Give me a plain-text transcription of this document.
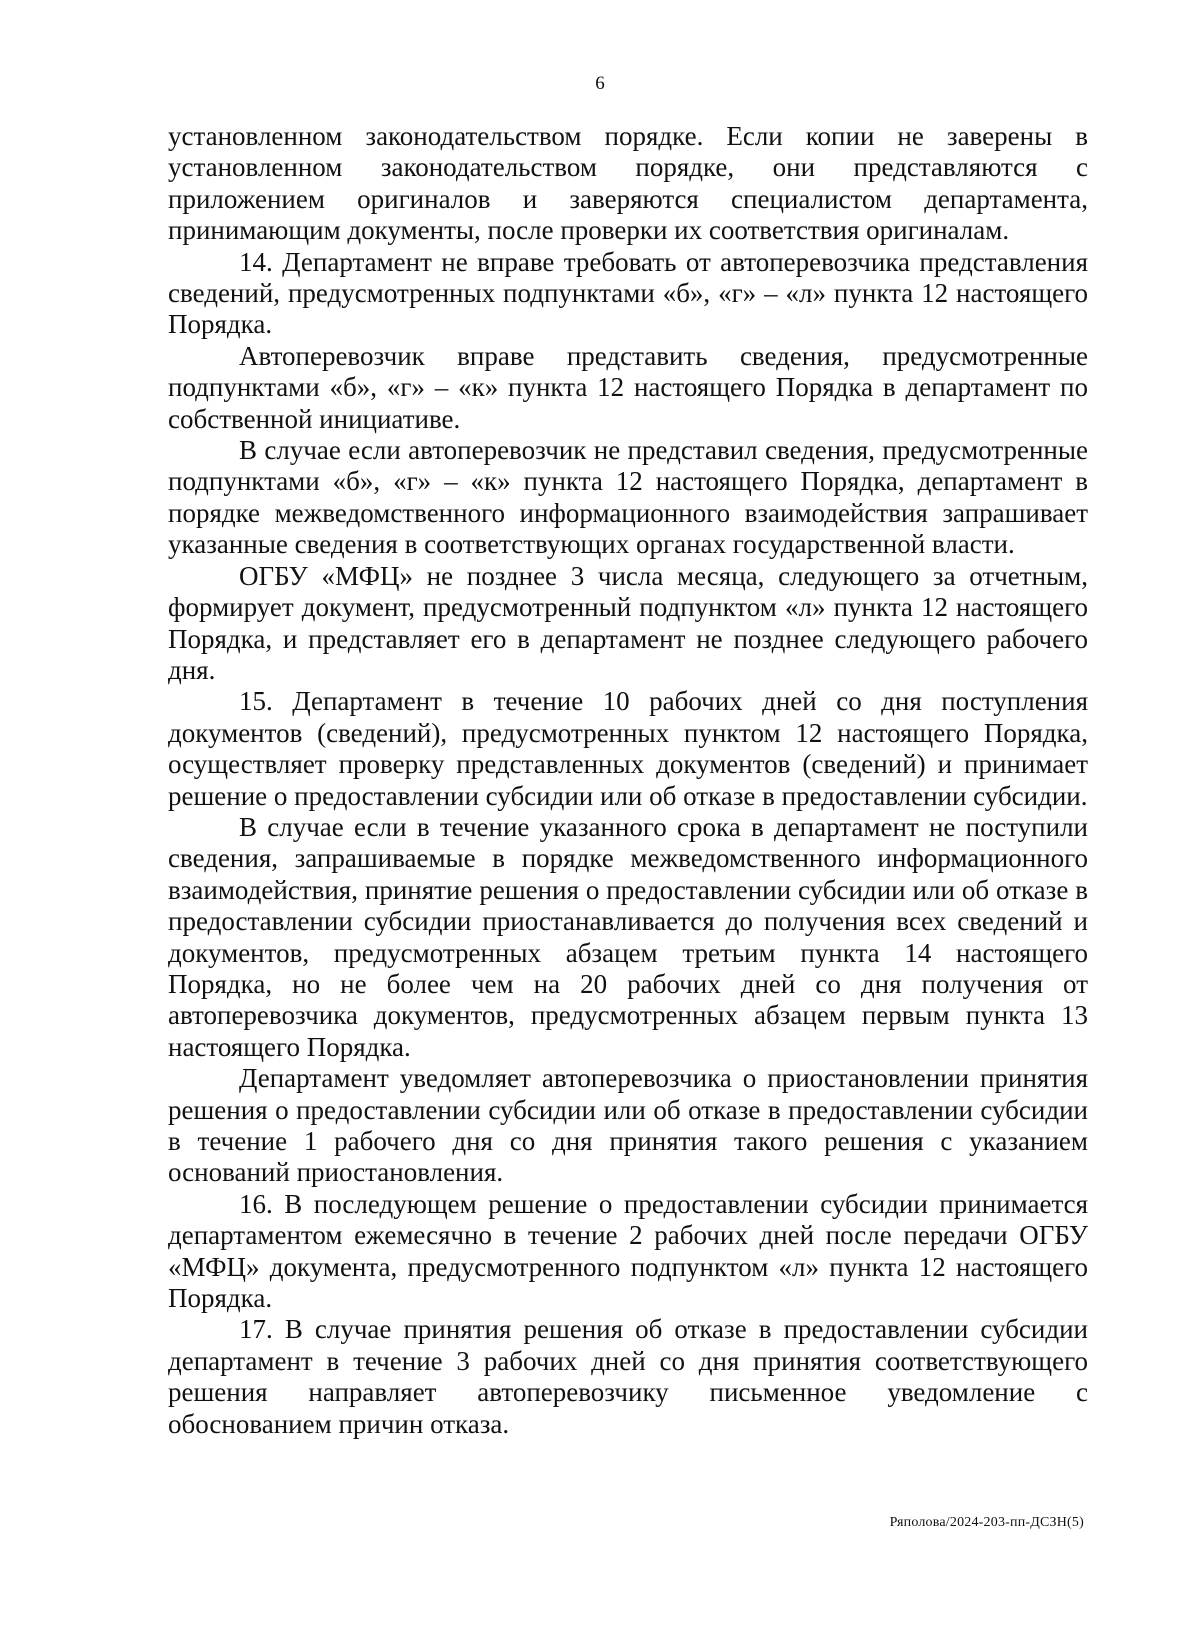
6

установленном законодательством порядке. Если копии не заверены в установленном законодательством порядке, они представляются с приложением оригиналов и заверяются специалистом департамента, принимающим документы, после проверки их соответствия оригиналам.

14. Департамент не вправе требовать от автоперевозчика представления сведений, предусмотренных подпунктами «б», «г» – «л» пункта 12 настоящего Порядка.

Автоперевозчик вправе представить сведения, предусмотренные подпунктами «б», «г» – «к» пункта 12 настоящего Порядка в департамент по собственной инициативе.

В случае если автоперевозчик не представил сведения, предусмотренные подпунктами «б», «г» – «к» пункта 12 настоящего Порядка, департамент в порядке межведомственного информационного взаимодействия запрашивает указанные сведения в соответствующих органах государственной власти.

ОГБУ «МФЦ» не позднее 3 числа месяца, следующего за отчетным, формирует документ, предусмотренный подпунктом «л» пункта 12 настоящего Порядка, и представляет его в департамент не позднее следующего рабочего дня.

15. Департамент в течение 10 рабочих дней со дня поступления документов (сведений), предусмотренных пунктом 12 настоящего Порядка, осуществляет проверку представленных документов (сведений) и принимает решение о предоставлении субсидии или об отказе в предоставлении субсидии.

В случае если в течение указанного срока в департамент не поступили сведения, запрашиваемые в порядке межведомственного информационного взаимодействия, принятие решения о предоставлении субсидии или об отказе в предоставлении субсидии приостанавливается до получения всех сведений и документов, предусмотренных абзацем третьим пункта 14 настоящего Порядка, но не более чем на 20 рабочих дней со дня получения от автоперевозчика документов, предусмотренных абзацем первым пункта 13 настоящего Порядка.

Департамент уведомляет автоперевозчика о приостановлении принятия решения о предоставлении субсидии или об отказе в предоставлении субсидии в течение 1 рабочего дня со дня принятия такого решения с указанием оснований приостановления.

16. В последующем решение о предоставлении субсидии принимается департаментом ежемесячно в течение 2 рабочих дней после передачи ОГБУ «МФЦ» документа, предусмотренного подпунктом «л» пункта 12 настоящего Порядка.

17. В случае принятия решения об отказе в предоставлении субсидии департамент в течение 3 рабочих дней со дня принятия соответствующего решения направляет автоперевозчику письменное уведомление с обоснованием причин отказа.

Ряполова/2024-203-пп-ДСЗН(5)
